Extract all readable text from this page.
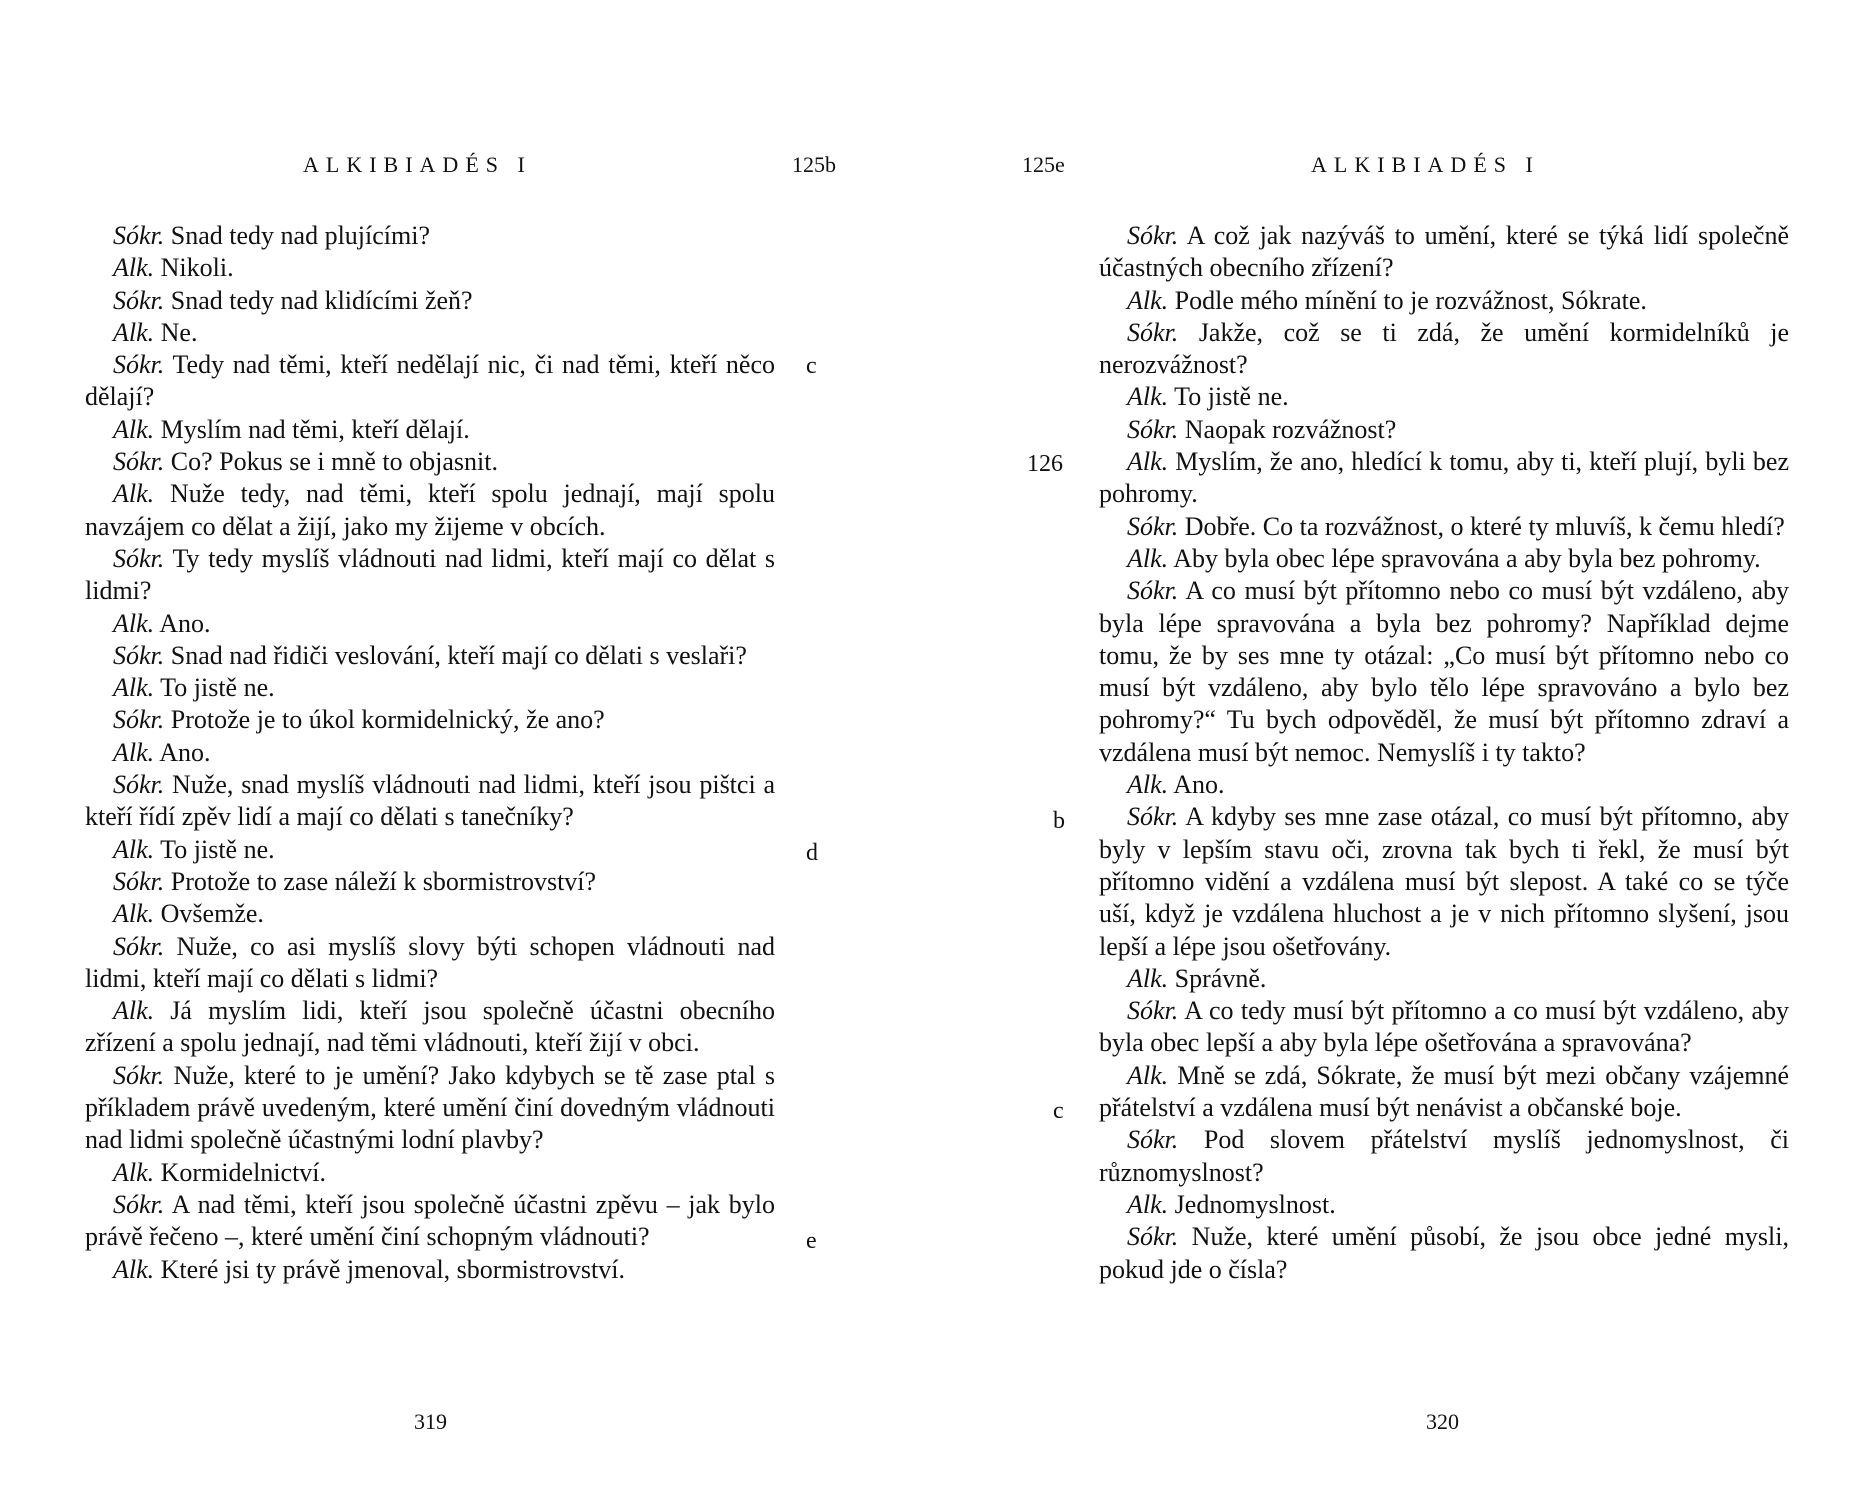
ALKIBIADÉS I	125b

Sókr. Snad tedy nad plujícími?

Alk. Nikoli.

Sókr. Snad tedy nad klidícími žeň?

Alk. Ne.

Sókr. Tedy nad těmi, kteří nedělají nic, či nad těmi, kteří něco dělají?

Alk. Myslím nad těmi, kteří dělají.

Sókr. Co? Pokus se i mně to objasnit.

Alk. Nuže tedy, nad těmi, kteří spolu jednají, mají spolu navzájem co dělat a žijí, jako my žijeme v obcích.

Sókr. Ty tedy myslíš vládnouti nad lidmi, kteří mají co dělat s lidmi?

Alk. Ano.

Sókr. Snad nad řidiči veslování, kteří mají co dělati s veslaři?

Alk. To jistě ne.

Sókr. Protože je to úkol kormidelnický, že ano?

Alk. Ano.

Sókr. Nuže, snad myslíš vládnouti nad lidmi, kteří jsou pištci a kteří řídí zpěv lidí a mají co dělati s tanečníky?

Alk. To jistě ne.

Sókr. Protože to zase náleží k sbormistrovství?

Alk. Ovšemže.

Sókr. Nuže, co asi myslíš slovy býti schopen vládnouti nad lidmi, kteří mají co dělati s lidmi?

Alk. Já myslím lidi, kteří jsou společně účastni obecního zřízení a spolu jednají, nad těmi vládnouti, kteří žijí v obci.

Sókr. Nuže, které to je umění? Jako kdybych se tě zase ptal s příkladem právě uvedeným, které umění činí dovedným vládnouti nad lidmi společně účastnými lodní plavby?

Alk. Kormidelnictví.

Sókr. A nad těmi, kteří jsou společně účastni zpěvu – jak bylo právě řečeno –, které umění činí schopným vládnouti?

Alk. Které jsi ty právě jmenoval, sbormistrovství.

c
d
e
319
125e	ALKIBIADÉS I

Sókr. A což jak nazýváš to umění, které se týká lidí společně účastných obecního zřízení?

Alk. Podle mého mínění to je rozvážnost, Sókrate.

Sókr. Jakže, což se ti zdá, že umění kormidelníků je nerozvážnost?

Alk. To jistě ne.

Sókr. Naopak rozvážnost?

Alk. Myslím, že ano, hledící k tomu, aby ti, kteří plují, byli bez pohromy.

Sókr. Dobře. Co ta rozvážnost, o které ty mluvíš, k čemu hledí?

Alk. Aby byla obec lépe spravována a aby byla bez pohromy.

Sókr. A co musí být přítomno nebo co musí být vzdáleno, aby byla lépe spravována a byla bez pohromy? Například dejme tomu, že by ses mne ty otázal: „Co musí být přítomno nebo co musí být vzdáleno, aby bylo tělo lépe spravováno a bylo bez pohromy?“ Tu bych odpověděl, že musí být přítomno zdraví a vzdálena musí být nemoc. Nemyslíš i ty takto?

Alk. Ano.

Sókr. A kdyby ses mne zase otázal, co musí být přítomno, aby byly v lepším stavu oči, zrovna tak bych ti řekl, že musí být přítomno vidění a vzdálena musí být slepost. A také co se týče uší, když je vzdálena hluchost a je v nich přítomno slyšení, jsou lepší a lépe jsou ošetřovány.

Alk. Správně.

Sókr. A co tedy musí být přítomno a co musí být vzdáleno, aby byla obec lepší a aby byla lépe ošetřována a spravována?

Alk. Mně se zdá, Sókrate, že musí být mezi občany vzájemné přátelství a vzdálena musí být nenávist a občanské boje.

Sókr. Pod slovem přátelství myslíš jednomyslnost, či různomyslnost?

Alk. Jednomyslnost.

Sókr. Nuže, které umění působí, že jsou obce jedné mysli, pokud jde o čísla?

126
b
c
320
